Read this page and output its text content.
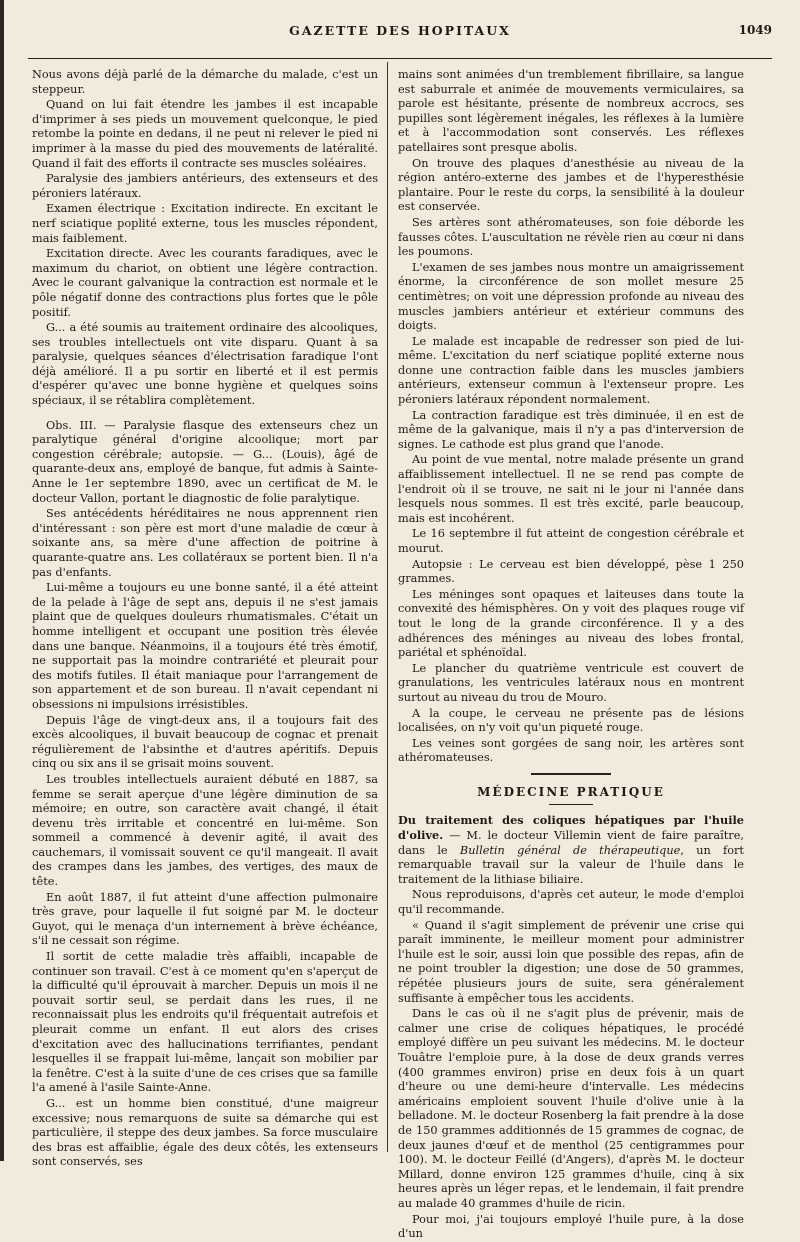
GAZETTE DES HOPITAUX	1049

Nous avons déjà parlé de la démarche du malade, c'est un steppeur.

Quand on lui fait étendre les jambes il est incapable d'imprimer à ses pieds un mouvement quelconque, le pied retombe la pointe en dedans, il ne peut ni relever le pied ni imprimer à la masse du pied des mouvements de latéralité. Quand il fait des efforts il contracte ses muscles soléaires.

Paralysie des jambiers antérieurs, des extenseurs et des péroniers latéraux.

Examen électrique : Excitation indirecte. En excitant le nerf sciatique poplité externe, tous les muscles répondent, mais faiblement.

Excitation directe. Avec les courants faradiques, avec le maximum du chariot, on obtient une légère contraction. Avec le courant galvanique la contraction est normale et le pôle négatif donne des contractions plus fortes que le pôle positif.

G... a été soumis au traitement ordinaire des alcooliques, ses troubles intellectuels ont vite disparu. Quant à sa paralysie, quelques séances d'électrisation faradique l'ont déjà amélioré. Il a pu sortir en liberté et il est permis d'espérer qu'avec une bonne hygiène et quelques soins spéciaux, il se rétablira complètement.

Obs. III. — Paralysie flasque des extenseurs chez un paralytique général d'origine alcoolique; mort par congestion cérébrale; autopsie. — G... (Louis), âgé de quarante-deux ans, employé de banque, fut admis à Sainte-Anne le 1er septembre 1890, avec un certificat de M. le docteur Vallon, portant le diagnostic de folie paralytique.

Ses antécédents héréditaires ne nous apprennent rien d'intéressant : son père est mort d'une maladie de cœur à soixante ans, sa mère d'une affection de poitrine à quarante-quatre ans. Les collatéraux se portent bien. Il n'a pas d'enfants.

Lui-même a toujours eu une bonne santé, il a été atteint de la pelade à l'âge de sept ans, depuis il ne s'est jamais plaint que de quelques douleurs rhumatismales. C'était un homme intelligent et occupant une position très élevée dans une banque. Néanmoins, il a toujours été très émotif, ne supportait pas la moindre contrariété et pleurait pour des motifs futiles. Il était maniaque pour l'arrangement de son appartement et de son bureau. Il n'avait cependant ni obsessions ni impulsions irrésistibles.

Depuis l'âge de vingt-deux ans, il a toujours fait des excès alcooliques, il buvait beaucoup de cognac et prenait régulièrement de l'absinthe et d'autres apéritifs. Depuis cinq ou six ans il se grisait moins souvent.

Les troubles intellectuels auraient débuté en 1887, sa femme se serait aperçue d'une légère diminution de sa mémoire; en outre, son caractère avait changé, il était devenu très irritable et concentré en lui-même. Son sommeil a commencé à devenir agité, il avait des cauchemars, il vomissait souvent ce qu'il mangeait. Il avait des crampes dans les jambes, des vertiges, des maux de tête.

En août 1887, il fut atteint d'une affection pulmonaire très grave, pour laquelle il fut soigné par M. le docteur Guyot, qui le menaça d'un internement à brève échéance, s'il ne cessait son régime.

Il sortit de cette maladie très affaibli, incapable de continuer son travail. C'est à ce moment qu'en s'aperçut de la difficulté qu'il éprouvait à marcher. Depuis un mois il ne pouvait sortir seul, se perdait dans les rues, il ne reconnaissait plus les endroits qu'il fréquentait autrefois et pleurait comme un enfant. Il eut alors des crises d'excitation avec des hallucinations terrifiantes, pendant lesquelles il se frappait lui-même, lançait son mobilier par la fenêtre. C'est à la suite d'une de ces crises que sa famille l'a amené à l'asile Sainte-Anne.

G... est un homme bien constitué, d'une maigreur excessive; nous remarquons de suite sa démarche qui est particulière, il steppe des deux jambes. Sa force musculaire des bras est affaiblie, égale des deux côtés, les extenseurs sont conservés, ses

mains sont animées d'un tremblement fibrillaire, sa langue est saburrale et animée de mouvements vermiculaires, sa parole est hésitante, présente de nombreux accrocs, ses pupilles sont légèrement inégales, les réflexes à la lumière et à l'accommodation sont conservés. Les réflexes patellaires sont presque abolis.

On trouve des plaques d'anesthésie au niveau de la région antéro-externe des jambes et de l'hyperesthésie plantaire. Pour le reste du corps, la sensibilité à la douleur est conservée.

Ses artères sont athéromateuses, son foie déborde les fausses côtes. L'auscultation ne révèle rien au cœur ni dans les poumons.

L'examen de ses jambes nous montre un amaigrissement énorme, la circonférence de son mollet mesure 25 centimètres; on voit une dépression profonde au niveau des muscles jambiers antérieur et extérieur communs des doigts.

Le malade est incapable de redresser son pied de lui-même. L'excitation du nerf sciatique poplité externe nous donne une contraction faible dans les muscles jambiers antérieurs, extenseur commun à l'extenseur propre. Les péroniers latéraux répondent normalement.

La contraction faradique est très diminuée, il en est de même de la galvanique, mais il n'y a pas d'interversion de signes. Le cathode est plus grand que l'anode.

Au point de vue mental, notre malade présente un grand affaiblissement intellectuel. Il ne se rend pas compte de l'endroit où il se trouve, ne sait ni le jour ni l'année dans lesquels nous sommes. Il est très excité, parle beaucoup, mais est incohérent.

Le 16 septembre il fut atteint de congestion cérébrale et mourut.

Autopsie : Le cerveau est bien développé, pèse 1 250 grammes.

Les méninges sont opaques et laiteuses dans toute la convexité des hémisphères. On y voit des plaques rouge vif tout le long de la grande circonférence. Il y a des adhérences des méninges au niveau des lobes frontal, pariétal et sphénoïdal.

Le plancher du quatrième ventricule est couvert de granulations, les ventricules latéraux nous en montrent surtout au niveau du trou de Mouro.

A la coupe, le cerveau ne présente pas de lésions localisées, on n'y voit qu'un piqueté rouge.

Les veines sont gorgées de sang noir, les artères sont athéromateuses.

MÉDECINE PRATIQUE

Du traitement des coliques hépatiques par l'huile d'olive. — M. le docteur Villemin vient de faire paraître, dans le Bulletin général de thérapeutique, un fort remarquable travail sur la valeur de l'huile dans le traitement de la lithiase biliaire.

Nous reproduisons, d'après cet auteur, le mode d'emploi qu'il recommande.

« Quand il s'agit simplement de prévenir une crise qui paraît imminente, le meilleur moment pour administrer l'huile est le soir, aussi loin que possible des repas, afin de ne point troubler la digestion; une dose de 50 grammes, répétée plusieurs jours de suite, sera généralement suffisante à empêcher tous les accidents.

Dans le cas où il ne s'agit plus de prévenir, mais de calmer une crise de coliques hépatiques, le procédé employé diffère un peu suivant les médecins. M. le docteur Touâtre l'emploie pure, à la dose de deux grands verres (400 grammes environ) prise en deux fois à un quart d'heure ou une demi-heure d'intervalle. Les médecins américains emploient souvent l'huile d'olive unie à la belladone. M. le docteur Rosenberg la fait prendre à la dose de 150 grammes additionnés de 15 grammes de cognac, de deux jaunes d'œuf et de menthol (25 centigrammes pour 100). M. le docteur Feillé (d'Angers), d'après M. le docteur Millard, donne environ 125 grammes d'huile, cinq à six heures après un léger repas, et le lendemain, il fait prendre au malade 40 grammes d'huile de ricin.

Pour moi, j'ai toujours employé l'huile pure, à la dose d'un
